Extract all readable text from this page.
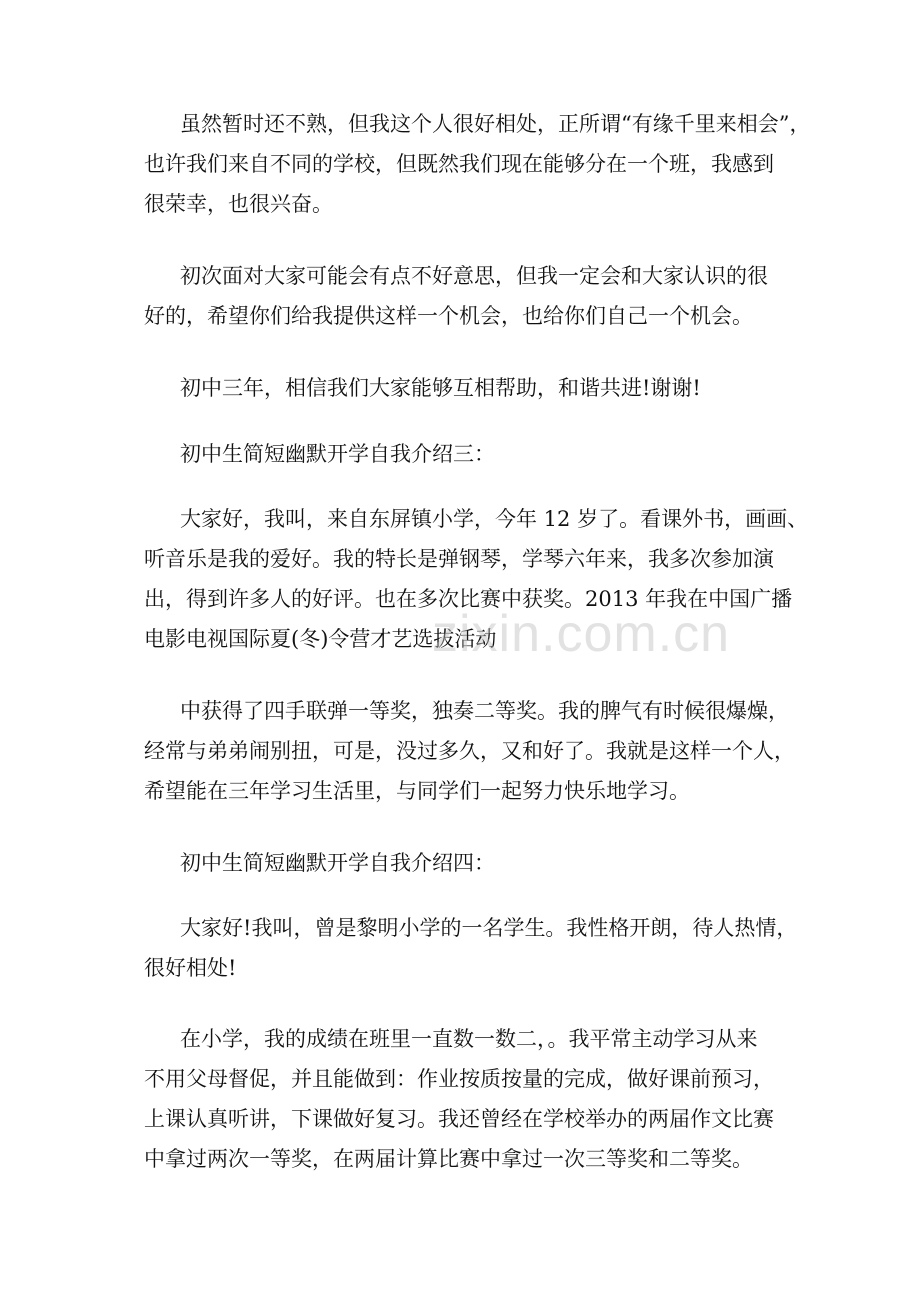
虽然暂时还不熟，但我这个人很好相处，正所谓“有缘千里来相会”，
也许我们来自不同的学校，但既然我们现在能够分在一个班，我感到
很荣幸，也很兴奋。
初次面对大家可能会有点不好意思，但我一定会和大家认识的很
好的，希望你们给我提供这样一个机会，也给你们自己一个机会。
初中三年，相信我们大家能够互相帮助，和谐共进!谢谢!
初中生简短幽默开学自我介绍三：
大家好，我叫，来自东屏镇小学，今年 12 岁了。看课外书，画画、
听音乐是我的爱好。我的特长是弹钢琴，学琴六年来，我多次参加演
出，得到许多人的好评。也在多次比赛中获奖。2013 年我在中国广播
电影电视国际夏(冬)令营才艺选拔活动
中获得了四手联弹一等奖，独奏二等奖。我的脾气有时候很爆燥，
经常与弟弟闹别扭，可是，没过多久，又和好了。我就是这样一个人，
希望能在三年学习生活里，与同学们一起努力快乐地学习。
初中生简短幽默开学自我介绍四：
大家好!我叫，曾是黎明小学的一名学生。我性格开朗，待人热情，
很好相处!
在小学，我的成绩在班里一直数一数二，。我平常主动学习从来
不用父母督促，并且能做到：作业按质按量的完成，做好课前预习，
上课认真听讲，下课做好复习。我还曾经在学校举办的两届作文比赛
中拿过两次一等奖，在两届计算比赛中拿过一次三等奖和二等奖。
zixin.com.cn
